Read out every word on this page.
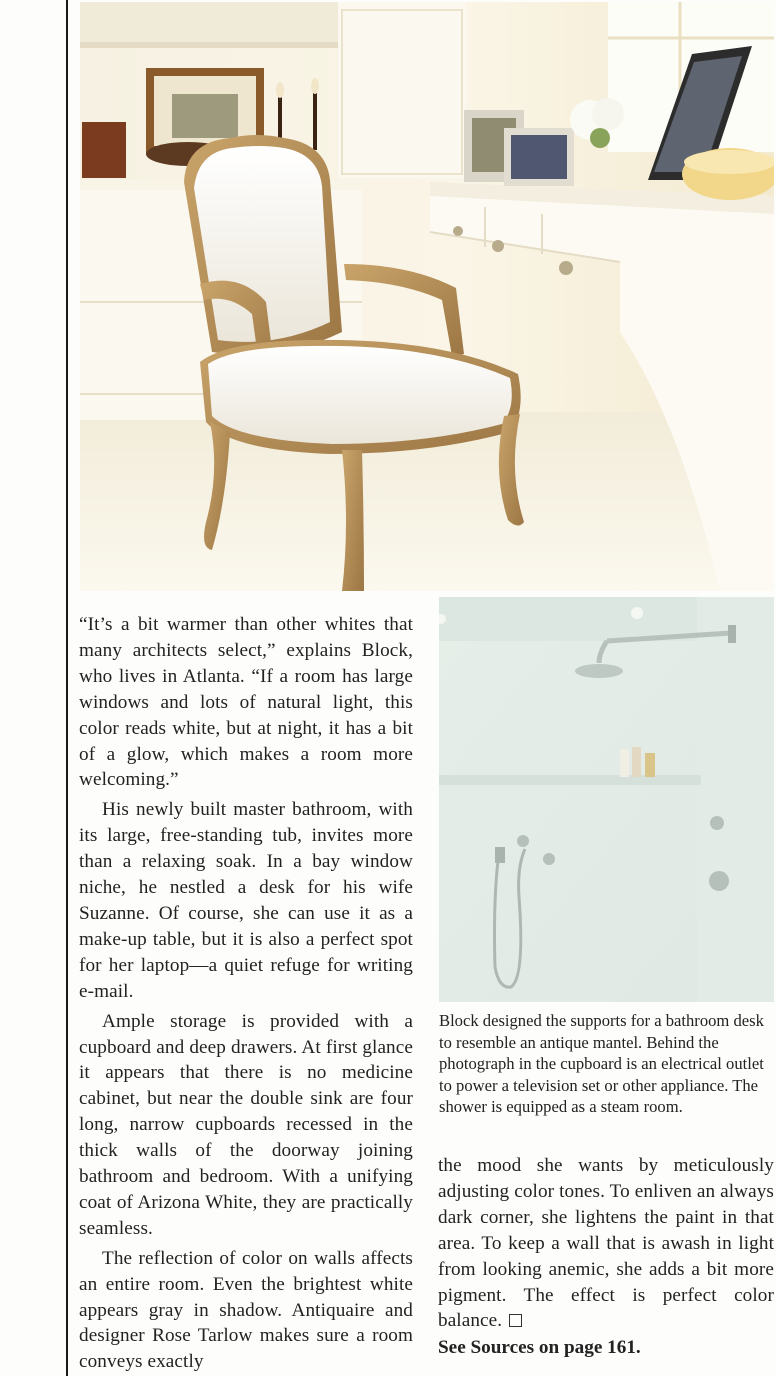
“It’s a bit warmer than other whites that many architects select,” explains Block, who lives in Atlanta. “If a room has large windows and lots of natural light, this color reads white, but at night, it has a bit of a glow, which makes a room more welcoming.”

His newly built master bathroom, with its large, free-standing tub, invites more than a relaxing soak. In a bay window niche, he nestled a desk for his wife Suzanne. Of course, she can use it as a make-up table, but it is also a perfect spot for her laptop—a quiet refuge for writing e-mail.

Ample storage is provided with a cupboard and deep drawers. At first glance it appears that there is no medicine cabinet, but near the double sink are four long, narrow cupboards recessed in the thick walls of the doorway joining bathroom and bedroom. With a unifying coat of Arizona White, they are practically seamless.

The reflection of color on walls affects an entire room. Even the brightest white appears gray in shadow. Antiquaire and designer Rose Tarlow makes sure a room conveys exactly

Block designed the supports for a bathroom desk to resemble an antique mantel. Behind the photograph in the cupboard is an electrical outlet to power a television set or other appliance. The shower is equipped as a steam room.

the mood she wants by meticulously adjusting color tones. To enliven an always dark corner, she lightens the paint in that area. To keep a wall that is awash in light from looking anemic, she adds a bit more pigment. The effect is perfect color balance.

See Sources on page 161.
